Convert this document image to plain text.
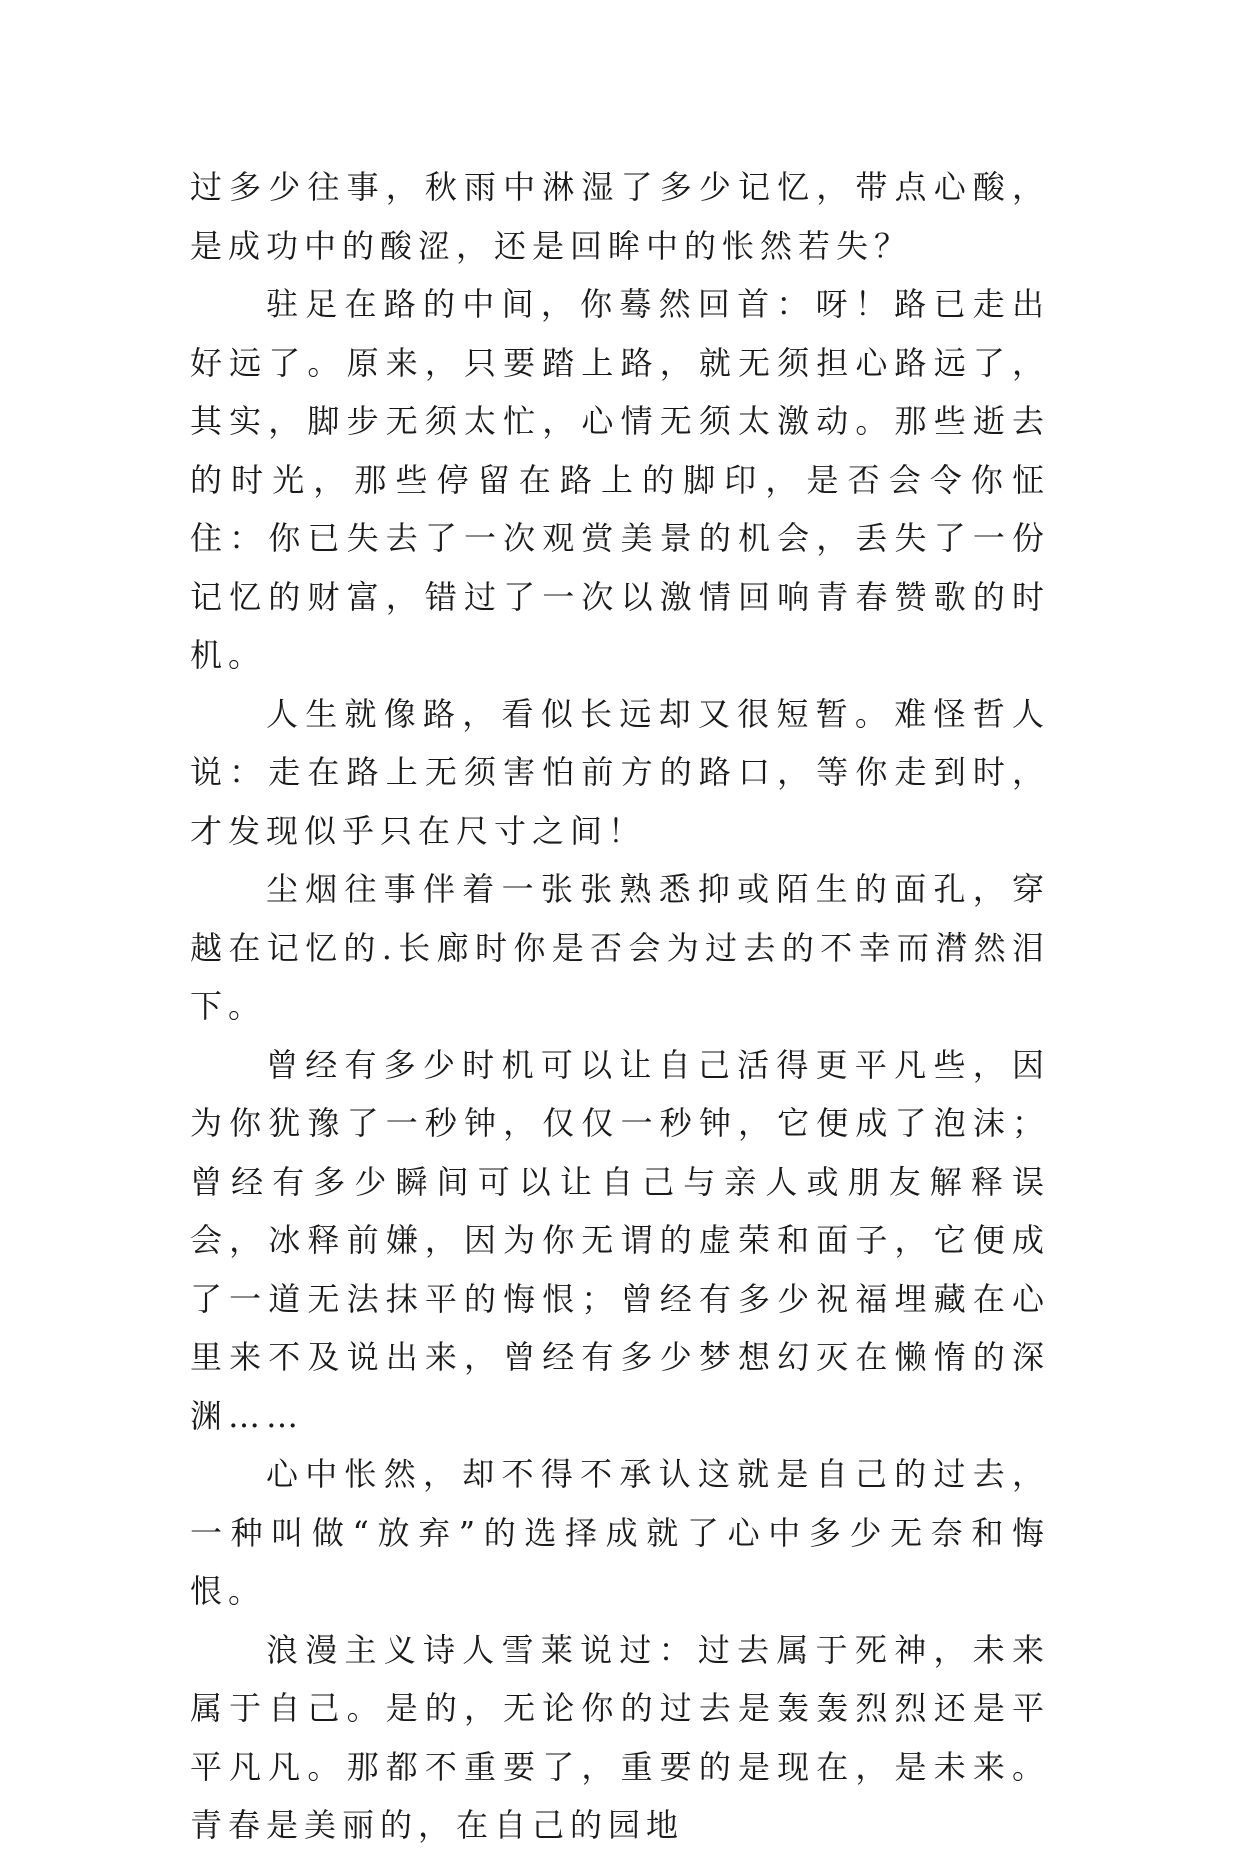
过多少往事，秋雨中淋湿了多少记忆，带点心酸，是成功中的酸涩，还是回眸中的怅然若失？

驻足在路的中间，你蓦然回首：呀！路已走出好远了。原来，只要踏上路，就无须担心路远了，其实，脚步无须太忙，心情无须太激动。那些逝去的时光，那些停留在路上的脚印，是否会令你怔住：你已失去了一次观赏美景的机会，丢失了一份记忆的财富，错过了一次以激情回响青春赞歌的时机。

人生就像路，看似长远却又很短暂。难怪哲人说：走在路上无须害怕前方的路口，等你走到时，才发现似乎只在尺寸之间！

尘烟往事伴着一张张熟悉抑或陌生的面孔，穿越在记忆的.长廊时你是否会为过去的不幸而潸然泪下。

曾经有多少时机可以让自己活得更平凡些，因为你犹豫了一秒钟，仅仅一秒钟，它便成了泡沫；曾经有多少瞬间可以让自己与亲人或朋友解释误会，冰释前嫌，因为你无谓的虚荣和面子，它便成了一道无法抹平的悔恨；曾经有多少祝福埋藏在心里来不及说出来，曾经有多少梦想幻灭在懒惰的深渊……

心中怅然，却不得不承认这就是自己的过去，一种叫做“放弃”的选择成就了心中多少无奈和悔恨。

浪漫主义诗人雪莱说过：过去属于死神，未来属于自己。是的，无论你的过去是轰轰烈烈还是平平凡凡。那都不重要了，重要的是现在，是未来。青春是美丽的，在自己的园地
